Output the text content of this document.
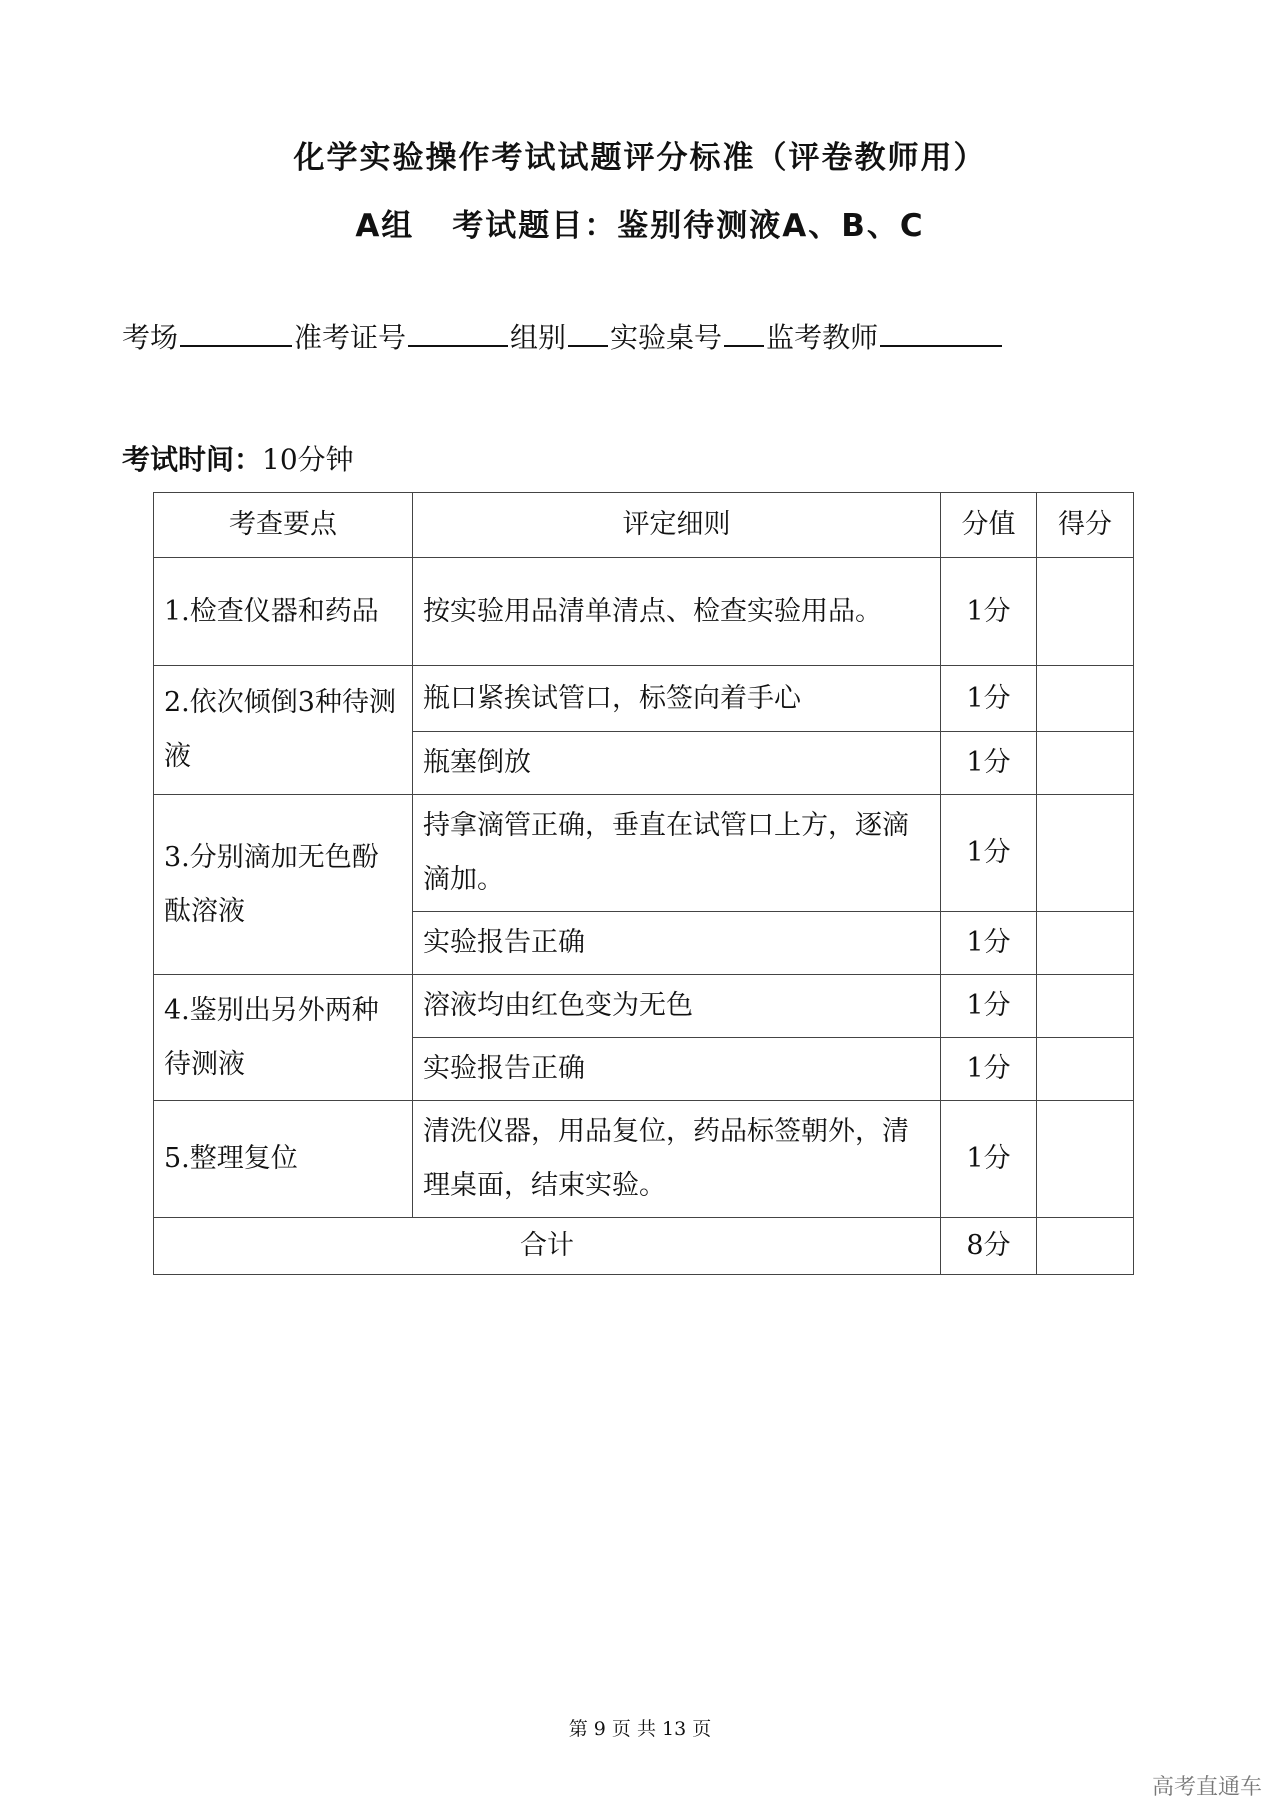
化学实验操作考试试题评分标准（评卷教师用）
A组 考试题目：鉴别待测液A、B、C
考场	准考证号	组别 实验桌号 监考教师
考试时间：10分钟
考查要点	评定细则	分值	得分
1.检查仪器和药品	按实验用品清单清点、检查实验用品。	1分	
2.依次倾倒3种待测液	瓶口紧挨试管口，标签向着手心	1分	
	瓶塞倒放	1分	
3.分别滴加无色酚酞溶液	持拿滴管正确，垂直在试管口上方，逐滴滴加。	1分	
	实验报告正确	1分	
4.鉴别出另外两种待测液	溶液均由红色变为无色	1分	
	实验报告正确	1分	
5.整理复位	清洗仪器，用品复位，药品标签朝外，清理桌面，结束实验。	1分	
合计		8分	
第 9 页 共 13 页
高考直通车
